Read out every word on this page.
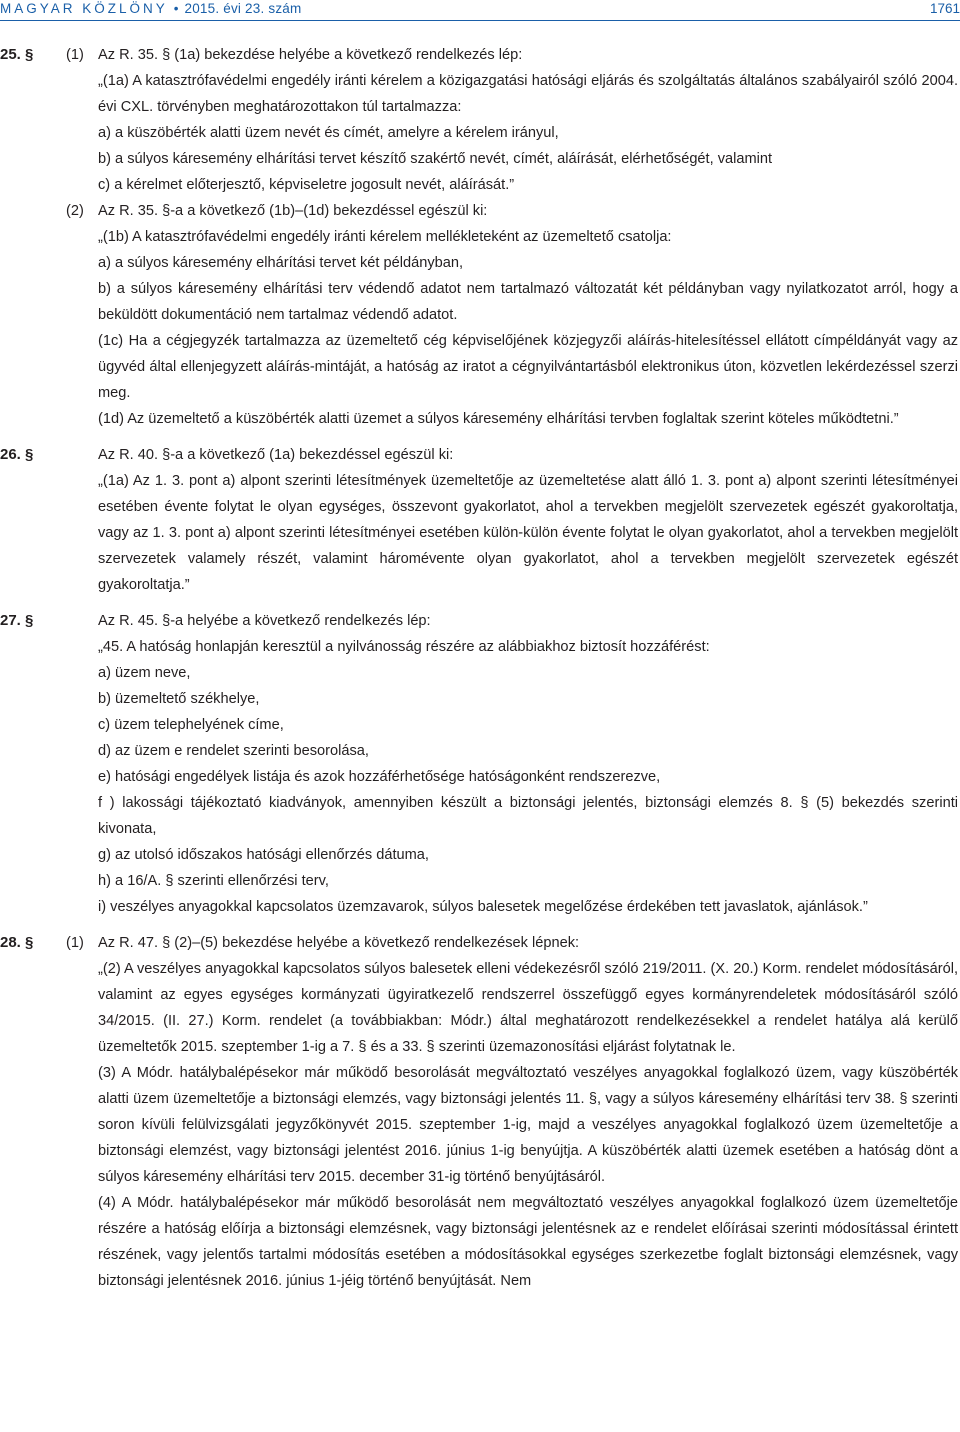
MAGYAR KÖZLÖNY • 2015. évi 23. szám	1761
25. § (1) Az R. 35. § (1a) bekezdése helyébe a következő rendelkezés lép:
„(1a) A katasztrófavédelmi engedély iránti kérelem a közigazgatási hatósági eljárás és szolgáltatás általános szabályairól szóló 2004. évi CXL. törvényben meghatározottakon túl tartalmazza:
a) a küszöbérték alatti üzem nevét és címét, amelyre a kérelem irányul,
b) a súlyos káresemény elhárítási tervet készítő szakértő nevét, címét, aláírását, elérhetőségét, valamint
c) a kérelmet előterjesztő, képviseletre jogosult nevét, aláírását.”
(2) Az R. 35. §-a a következő (1b)–(1d) bekezdéssel egészül ki:
„(1b) A katasztrófavédelmi engedély iránti kérelem mellékleteként az üzemeltető csatolja:
a) a súlyos káresemény elhárítási tervet két példányban,
b) a súlyos káresemény elhárítási terv védendő adatot nem tartalmazó változatát két példányban vagy nyilatkozatot arról, hogy a beküldött dokumentáció nem tartalmaz védendő adatot.
(1c) Ha a cégjegyzék tartalmazza az üzemeltető cég képviselőjének közjegyzői aláírás-hitelesítéssel ellátott címpéldányát vagy az ügyvéd által ellenjegyzett aláírás-mintáját, a hatóság az iratot a cégnyilvántartásból elektronikus úton, közvetlen lekérdezéssel szerzi meg.
(1d) Az üzemeltető a küszöbérték alatti üzemet a súlyos káresemény elhárítási tervben foglaltak szerint köteles működtetni.”
26. §	Az R. 40. §-a a következő (1a) bekezdéssel egészül ki:
„(1a) Az 1. 3. pont a) alpont szerinti létesítmények üzemeltetője az üzemeltetése alatt álló 1. 3. pont a) alpont szerinti létesítményei esetében évente folytat le olyan egységes, összevont gyakorlatot, ahol a tervekben megjelölt szervezetek egészét gyakoroltatja, vagy az 1. 3. pont a) alpont szerinti létesítményei esetében külön-külön évente folytat le olyan gyakorlatot, ahol a tervekben megjelölt szervezetek valamely részét, valamint háromévente olyan gyakorlatot, ahol a tervekben megjelölt szervezetek egészét gyakoroltatja.”
27. §	Az R. 45. §-a helyébe a következő rendelkezés lép:
„45. A hatóság honlapján keresztül a nyilvánosság részére az alábbiakhoz biztosít hozzáférést:
a) üzem neve,
b) üzemeltető székhelye,
c) üzem telephelyének címe,
d) az üzem e rendelet szerinti besorolása,
e) hatósági engedélyek listája és azok hozzáférhetősége hatóságonként rendszerezve,
f ) lakossági tájékoztató kiadványok, amennyiben készült a biztonsági jelentés, biztonsági elemzés 8. § (5) bekezdés szerinti kivonata,
g) az utolsó időszakos hatósági ellenőrzés dátuma,
h) a 16/A. § szerinti ellenőrzési terv,
i) veszélyes anyagokkal kapcsolatos üzemzavarok, súlyos balesetek megelőzése érdekében tett javaslatok, ajánlások.”
28. § (1) Az R. 47. § (2)–(5) bekezdése helyébe a következő rendelkezések lépnek:
„(2) A veszélyes anyagokkal kapcsolatos súlyos balesetek elleni védekezésről szóló 219/2011. (X. 20.) Korm. rendelet módosításáról, valamint az egyes egységes kormányzati ügyiratkezelő rendszerrel összefüggő egyes kormányrendeletek módosításáról szóló 34/2015. (II. 27.) Korm. rendelet (a továbbiakban: Módr.) által meghatározott rendelkezésekkel a rendelet hatálya alá kerülő üzemeltetők 2015. szeptember 1-ig a 7. § és a 33. § szerinti üzemazonosítási eljárást folytatnak le.
(3) A Módr. hatálybalépésekor már működő besorolását megváltoztató veszélyes anyagokkal foglalkozó üzem, vagy küszöbérték alatti üzem üzemeltetője a biztonsági elemzés, vagy biztonsági jelentés 11. §, vagy a súlyos káresemény elhárítási terv 38. § szerinti soron kívüli felülvizsgálati jegyzőkönyvét 2015. szeptember 1-ig, majd a veszélyes anyagokkal foglalkozó üzem üzemeltetője a biztonsági elemzést, vagy biztonsági jelentést 2016. június 1-ig benyújtja. A küszöbérték alatti üzemek esetében a hatóság dönt a súlyos káresemény elhárítási terv 2015. december 31-ig történő benyújtásáról.
(4) A Módr. hatálybalépésekor már működő besorolását nem megváltoztató veszélyes anyagokkal foglalkozó üzem üzemeltetője részére a hatóság előírja a biztonsági elemzésnek, vagy biztonsági jelentésnek az e rendelet előírásai szerinti módosítással érintett részének, vagy jelentős tartalmi módosítás esetében a módosításokkal egységes szerkezetbe foglalt biztonsági elemzésnek, vagy biztonsági jelentésnek 2016. június 1-jéig történő benyújtását. Nem
